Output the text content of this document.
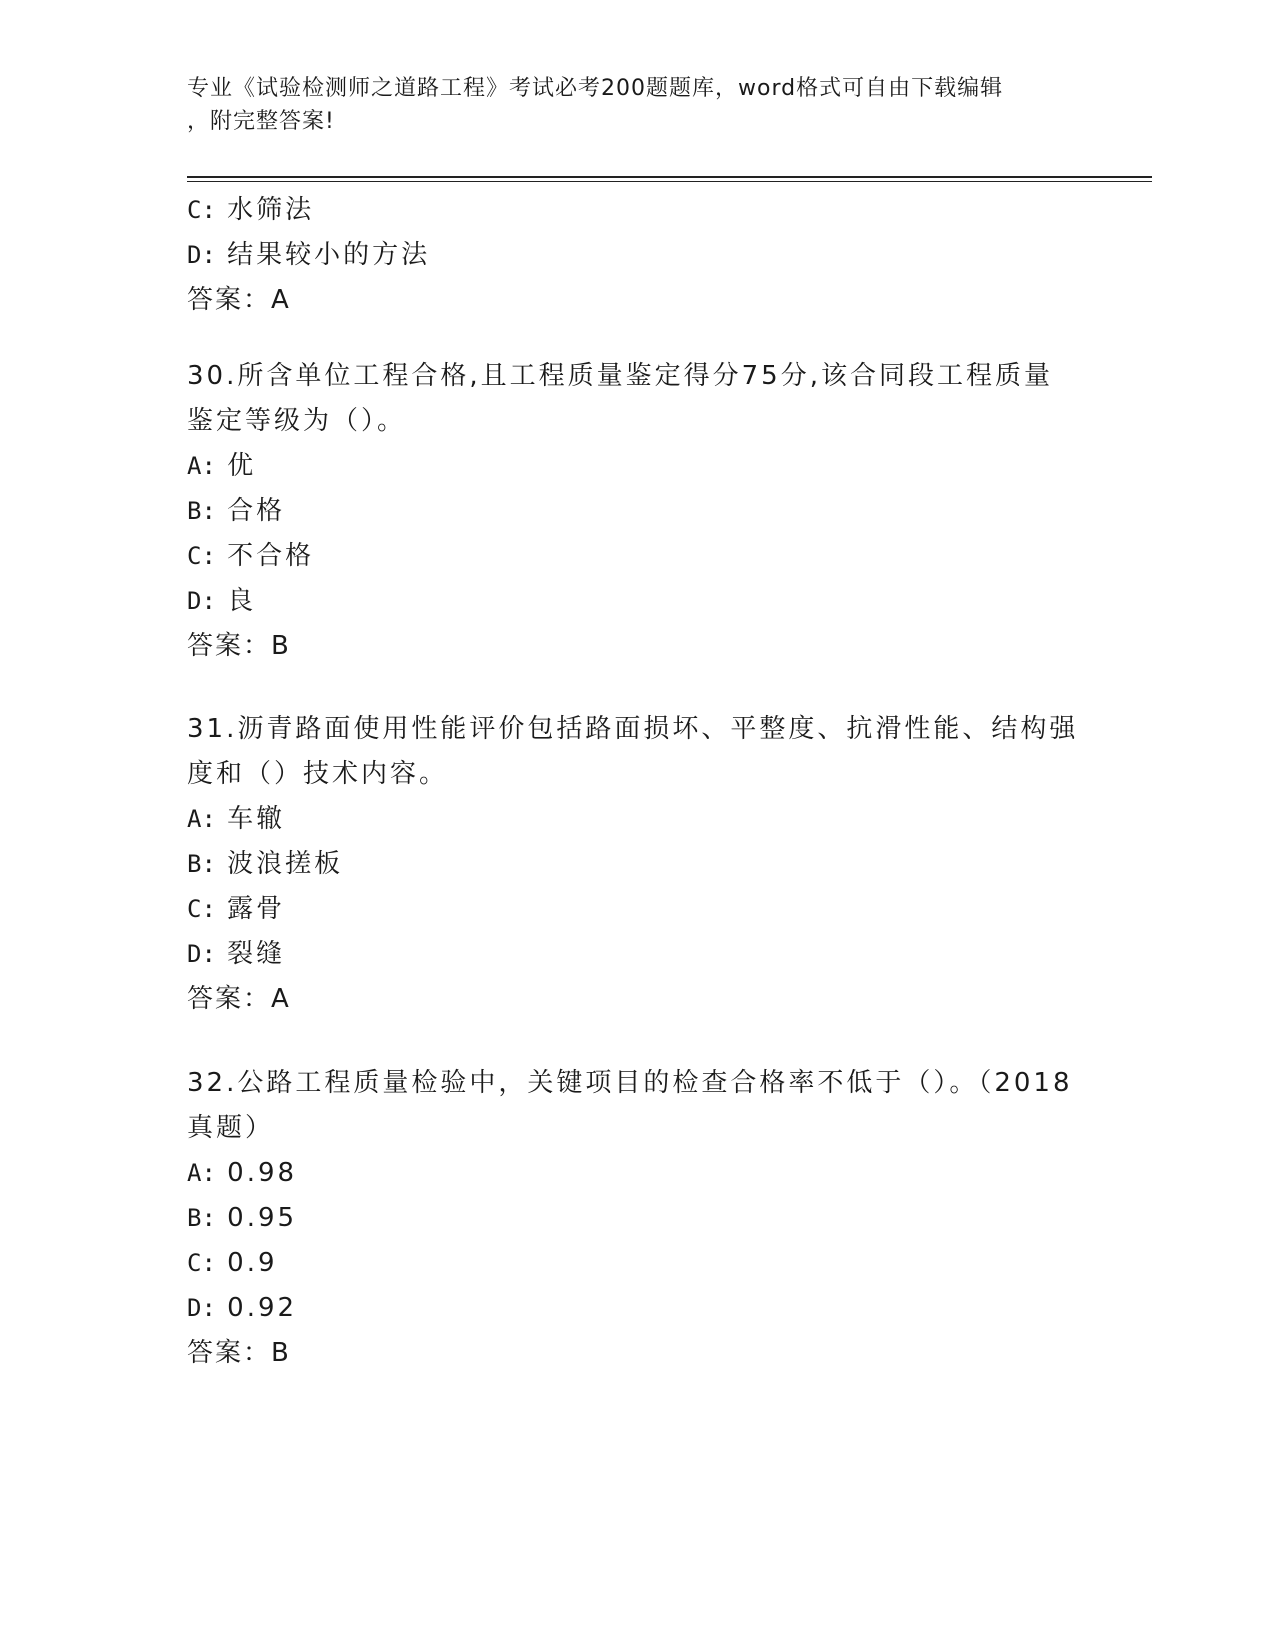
专业《试验检测师之道路工程》考试必考200题题库，word格式可自由下载编辑
，附完整答案!

C: 水筛法

D: 结果较小的方法

答案：A

30.所含单位工程合格,且工程质量鉴定得分75分,该合同段工程质量

鉴定等级为（）。

A: 优

B: 合格

C: 不合格

D: 良

答案：B

31.沥青路面使用性能评价包括路面损坏、平整度、抗滑性能、结构强

度和（）技术内容。

A: 车辙

B: 波浪搓板

C: 露骨

D: 裂缝

答案：A

32.公路工程质量检验中，关键项目的检查合格率不低于（）。（2018

真题）

A: 0.98

B: 0.95

C: 0.9

D: 0.92

答案：B
